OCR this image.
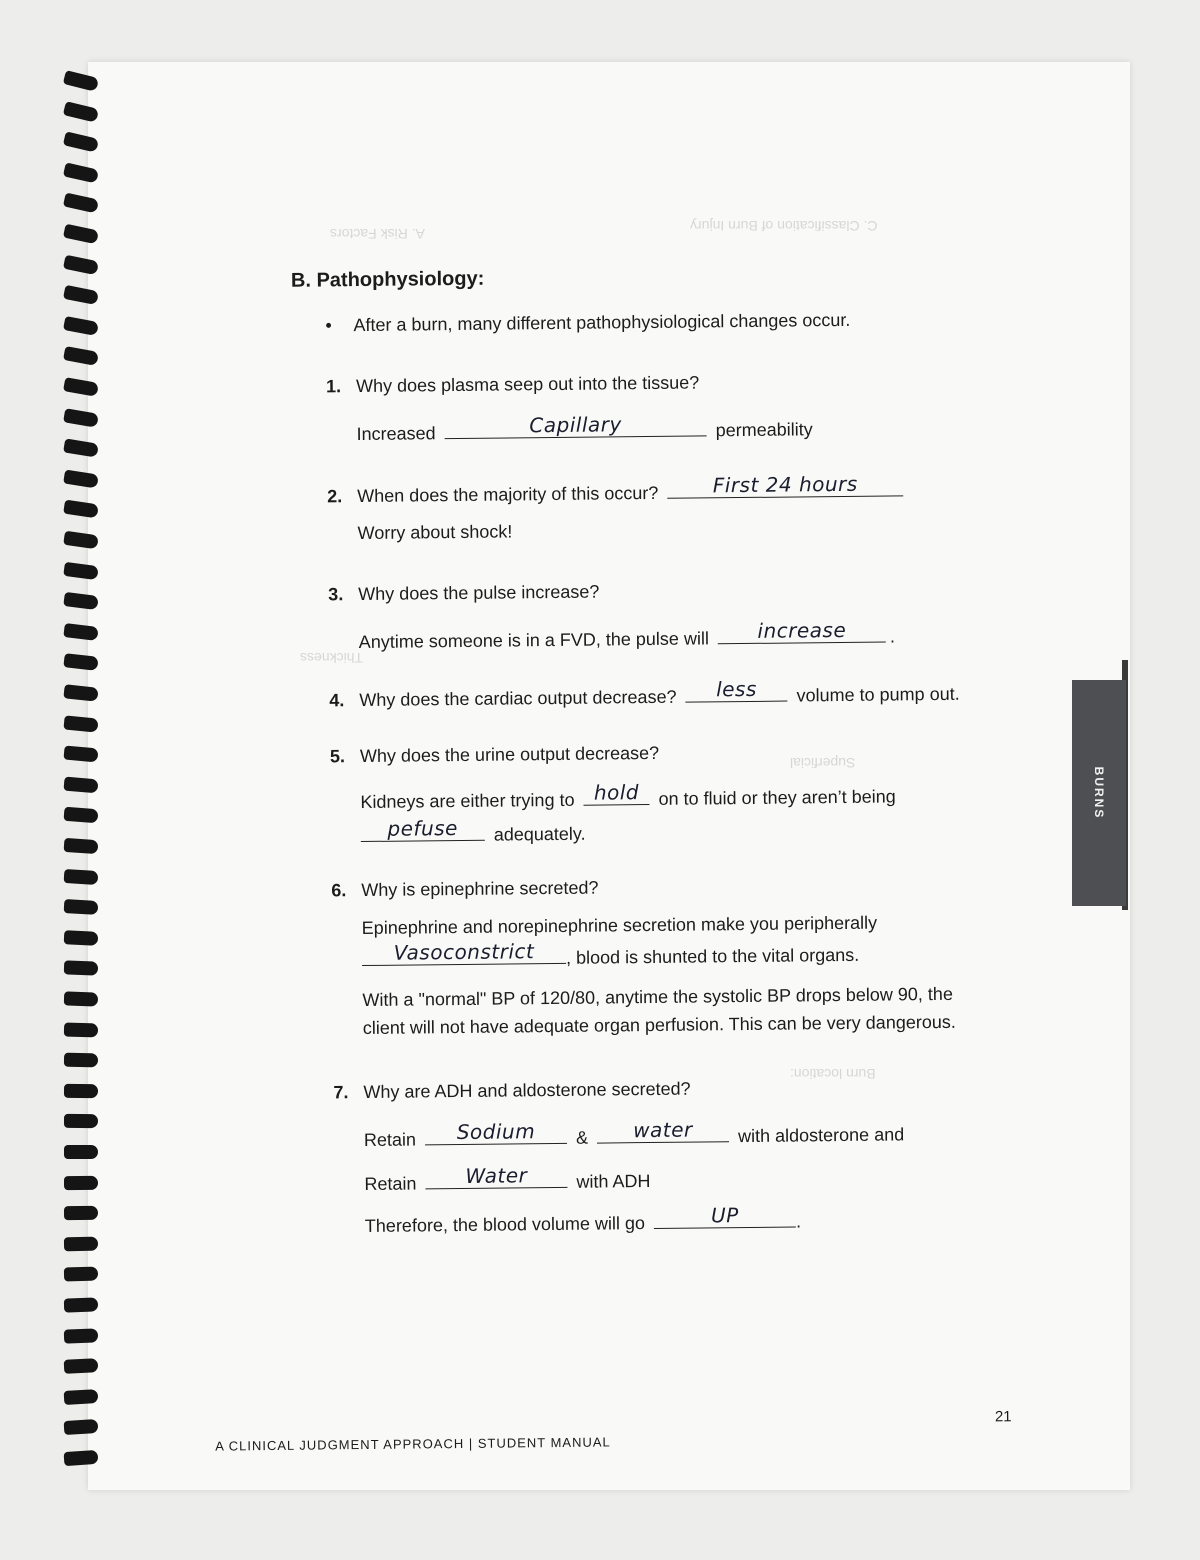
BURNS
C. Classification of Burn Injury
A. Risk Factors
Superficial
Thickness
Burn location:
B. Pathophysiology:
• After a burn, many different pathophysiological changes occur.
1. Why does plasma seep out into the tissue?
Increased	Capillary	permeability
2. When does the majority of this occur?	First 24 hours
Worry about shock!
3. Why does the pulse increase?
Anytime someone is in a FVD, the pulse will	increase	.
4. Why does the cardiac output decrease?	less	volume to pump out.
5. Why does the urine output decrease?
Kidneys are either trying to hold	on to fluid or they aren’t being
pefuse	adequately.
6. Why is epinephrine secreted?
Epinephrine and norepinephrine secretion make you peripherally
Vasoconstrict	, blood is shunted to the vital organs.
With a "normal" BP of 120/80, anytime the systolic BP drops below 90, the
client will not have adequate organ perfusion. This can be very dangerous.
7. Why are ADH and aldosterone secreted?
Retain	Sodium	&	water	with aldosterone and
Retain	Water	with ADH
Therefore, the blood volume will go	UP	.
A CLINICAL JUDGMENT APPROACH | STUDENT MANUAL
21
